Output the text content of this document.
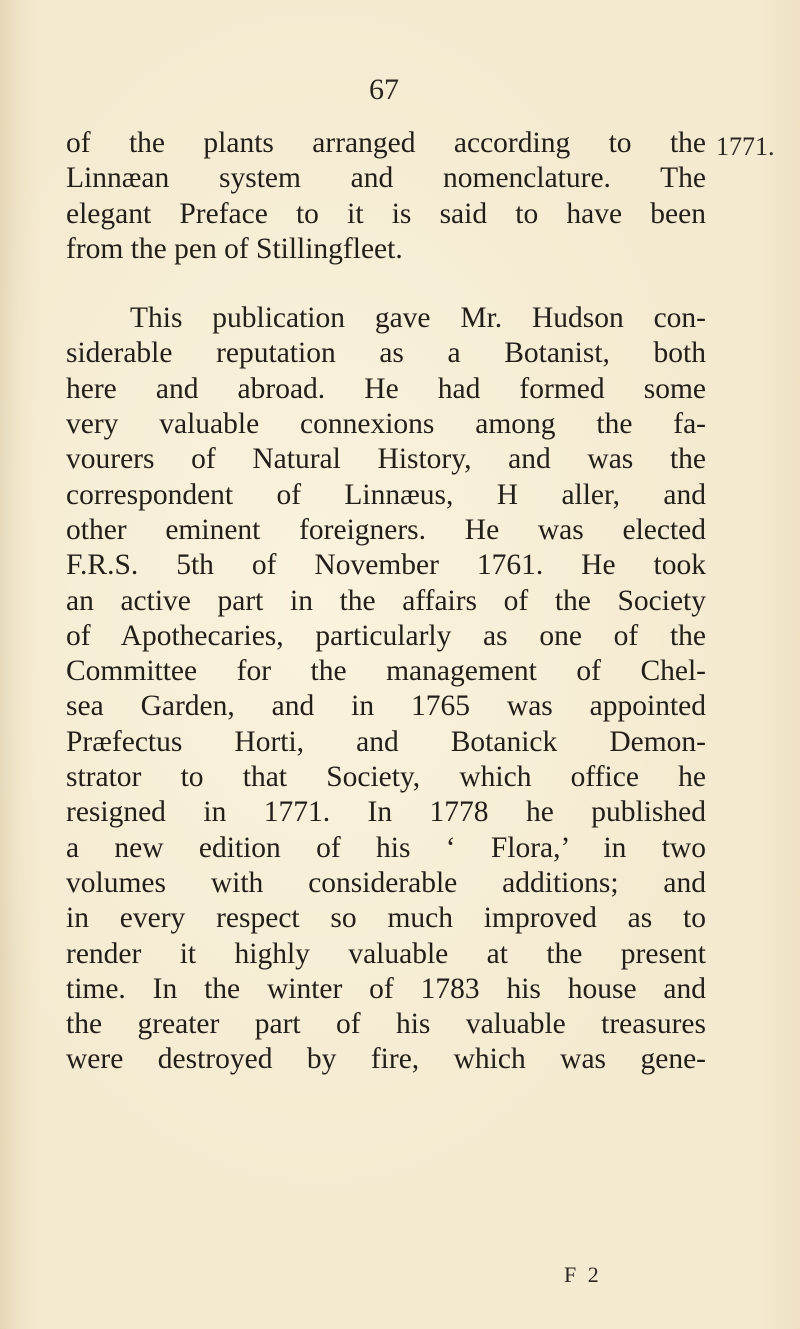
67
1771.
of the plants arranged according to the
Linnæan system and nomenclature. The
elegant Preface to it is said to have been
from the pen of Stillingfleet.
This publication gave Mr. Hudson con-
siderable reputation as a Botanist, both
here and abroad. He had formed some
very valuable connexions among the fa-
vourers of Natural History, and was the
correspondent of Linnæus, H aller, and
other eminent foreigners. He was elected
F.R.S. 5th of November 1761. He took
an active part in the affairs of the Society
of Apothecaries, particularly as one of the
Committee for the management of Chel-
sea Garden, and in 1765 was appointed
Præfectus Horti, and Botanick Demon-
strator to that Society, which office he
resigned in 1771. In 1778 he published
a new edition of his ‘ Flora,’ in two
volumes with considerable additions; and
in every respect so much improved as to
render it highly valuable at the present
time. In the winter of 1783 his house and
the greater part of his valuable treasures
were destroyed by fire, which was gene-
F 2
